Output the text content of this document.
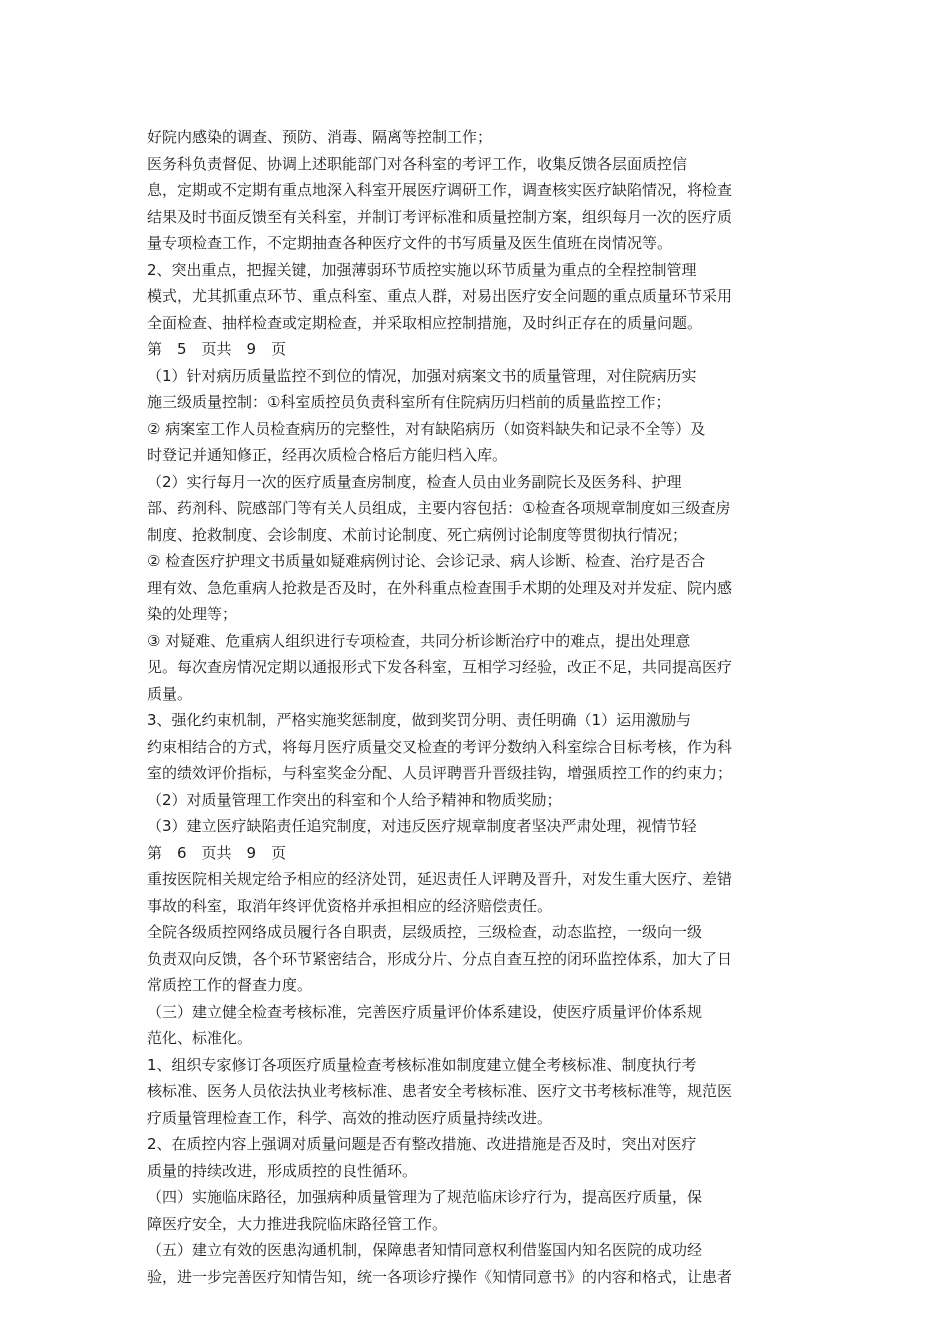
好院内感染的调查、预防、消毒、隔离等控制工作；
医务科负责督促、协调上述职能部门对各科室的考评工作，收集反馈各层面质控信
息，定期或不定期有重点地深入科室开展医疗调研工作，调查核实医疗缺陷情况，将检查
结果及时书面反馈至有关科室，并制订考评标准和质量控制方案，组织每月一次的医疗质
量专项检查工作，不定期抽查各种医疗文件的书写质量及医生值班在岗情况等。
2、突出重点，把握关键，加强薄弱环节质控实施以环节质量为重点的全程控制管理
模式，尤其抓重点环节、重点科室、重点人群，对易出医疗安全问题的重点质量环节采用
全面检查、抽样检查或定期检查，并采取相应控制措施，及时纠正存在的质量问题。
第　5　页共　9　页
（1）针对病历质量监控不到位的情况，加强对病案文书的质量管理，对住院病历实
施三级质量控制：①科室质控员负责科室所有住院病历归档前的质量监控工作；
② 病案室工作人员检查病历的完整性，对有缺陷病历（如资料缺失和记录不全等）及
时登记并通知修正，经再次质检合格后方能归档入库。
（2）实行每月一次的医疗质量查房制度，检查人员由业务副院长及医务科、护理
部、药剂科、院感部门等有关人员组成，主要内容包括：①检查各项规章制度如三级查房
制度、抢救制度、会诊制度、术前讨论制度、死亡病例讨论制度等贯彻执行情况；
② 检查医疗护理文书质量如疑难病例讨论、会诊记录、病人诊断、检查、治疗是否合
理有效、急危重病人抢救是否及时，在外科重点检查围手术期的处理及对并发症、院内感
染的处理等；
③ 对疑难、危重病人组织进行专项检查，共同分析诊断治疗中的难点，提出处理意
见。每次查房情况定期以通报形式下发各科室，互相学习经验，改正不足，共同提高医疗
质量。
3、强化约束机制，严格实施奖惩制度，做到奖罚分明、责任明确（1）运用激励与
约束相结合的方式，将每月医疗质量交叉检查的考评分数纳入科室综合目标考核，作为科
室的绩效评价指标，与科室奖金分配、人员评聘晋升晋级挂钩，增强质控工作的约束力；
（2）对质量管理工作突出的科室和个人给予精神和物质奖励；
（3）建立医疗缺陷责任追究制度，对违反医疗规章制度者坚决严肃处理，视情节轻
第　6　页共　9　页
重按医院相关规定给予相应的经济处罚，延迟责任人评聘及晋升，对发生重大医疗、差错
事故的科室，取消年终评优资格并承担相应的经济赔偿责任。
全院各级质控网络成员履行各自职责，层级质控，三级检查，动态监控，一级向一级
负责双向反馈，各个环节紧密结合，形成分片、分点自查互控的闭环监控体系，加大了日
常质控工作的督查力度。
（三）建立健全检查考核标准，完善医疗质量评价体系建设，使医疗质量评价体系规
范化、标准化。
1、组织专家修订各项医疗质量检查考核标准如制度建立健全考核标准、制度执行考
核标准、医务人员依法执业考核标准、患者安全考核标准、医疗文书考核标准等，规范医
疗质量管理检查工作，科学、高效的推动医疗质量持续改进。
2、在质控内容上强调对质量问题是否有整改措施、改进措施是否及时，突出对医疗
质量的持续改进，形成质控的良性循环。
（四）实施临床路径，加强病种质量管理为了规范临床诊疗行为，提高医疗质量，保
障医疗安全，大力推进我院临床路径管工作。
（五）建立有效的医患沟通机制，保障患者知情同意权利借鉴国内知名医院的成功经
验，进一步完善医疗知情告知，统一各项诊疗操作《知情同意书》的内容和格式，让患者
